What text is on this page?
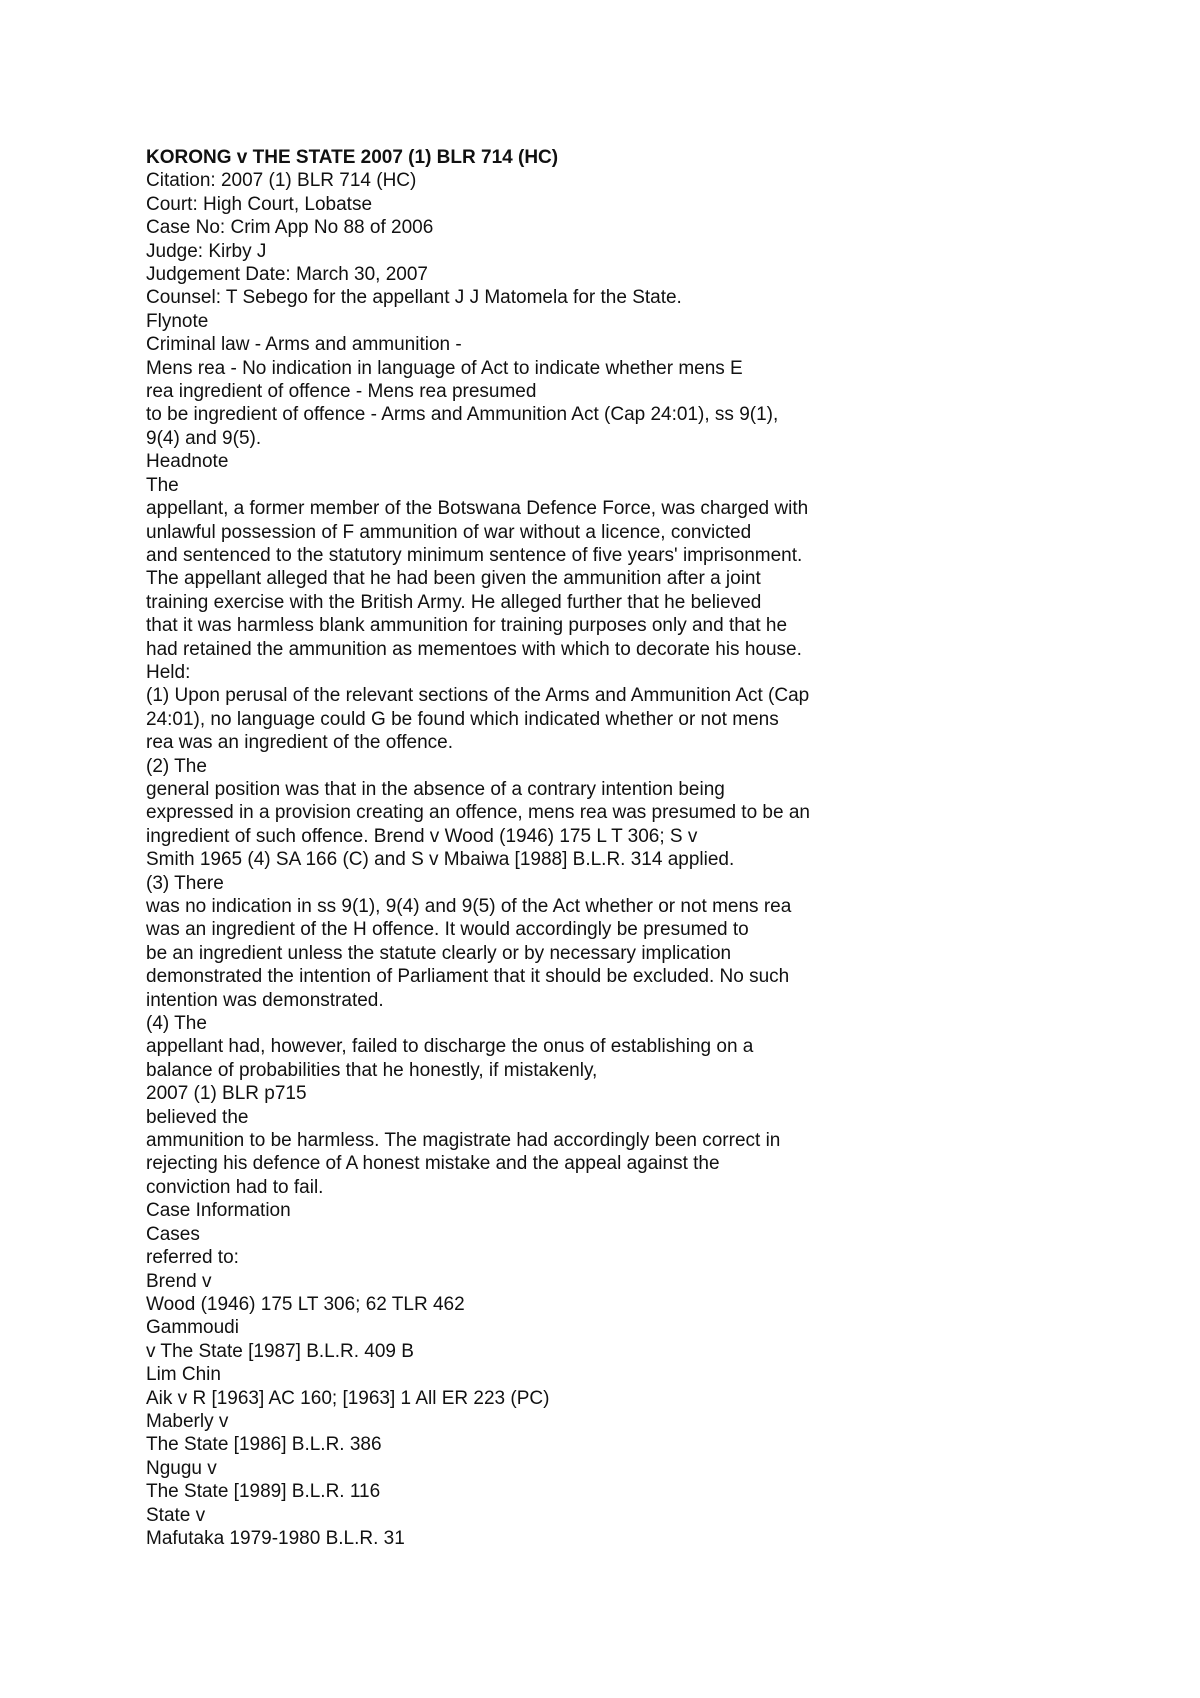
KORONG v THE STATE 2007 (1) BLR 714 (HC)
Citation: 2007 (1) BLR 714 (HC)
Court: High Court, Lobatse
Case No: Crim App No 88 of 2006
Judge: Kirby J
Judgement Date: March 30, 2007
Counsel: T Sebego for the appellant J J Matomela for the State.
Flynote
Criminal law - Arms and ammunition -
Mens rea - No indication in language of Act to indicate whether mens E
rea ingredient of offence - Mens rea presumed
to be ingredient of offence - Arms and Ammunition Act (Cap 24:01), ss 9(1),
9(4) and 9(5).
Headnote
The
appellant, a former member of the Botswana Defence Force, was charged with
unlawful possession of F ammunition of war without a licence, convicted
and sentenced to the statutory minimum sentence of five years' imprisonment.
The appellant alleged that he had been given the ammunition after a joint
training exercise with the British Army. He alleged further that he believed
that it was harmless blank ammunition for training purposes only and that he
had retained the ammunition as mementoes with which to decorate his house.
Held:
(1) Upon perusal of the relevant sections of the Arms and Ammunition Act (Cap
24:01), no language could G be found which indicated whether or not mens
rea was an ingredient of the offence.
(2) The
general position was that in the absence of a contrary intention being
expressed in a provision creating an offence, mens rea was presumed to be an
ingredient of such offence. Brend v Wood (1946) 175 L T 306; S v
Smith 1965 (4) SA 166 (C) and S v Mbaiwa [1988] B.L.R. 314 applied.
(3) There
was no indication in ss 9(1), 9(4) and 9(5) of the Act whether or not mens rea
was an ingredient of the H offence. It would accordingly be presumed to
be an ingredient unless the statute clearly or by necessary implication
demonstrated the intention of Parliament that it should be excluded. No such
intention was demonstrated.
(4) The
appellant had, however, failed to discharge the onus of establishing on a
balance of probabilities that he honestly, if mistakenly,
2007 (1) BLR p715
believed the
ammunition to be harmless. The magistrate had accordingly been correct in
rejecting his defence of A honest mistake and the appeal against the
conviction had to fail.
Case Information
Cases
referred to:
Brend v
Wood (1946) 175 LT 306; 62 TLR 462
Gammoudi
v The State [1987] B.L.R. 409 B
Lim Chin
Aik v R [1963] AC 160; [1963] 1 All ER 223 (PC)
Maberly v
The State [1986] B.L.R. 386
Ngugu v
The State [1989] B.L.R. 116
State v
Mafutaka 1979-1980 B.L.R. 31
